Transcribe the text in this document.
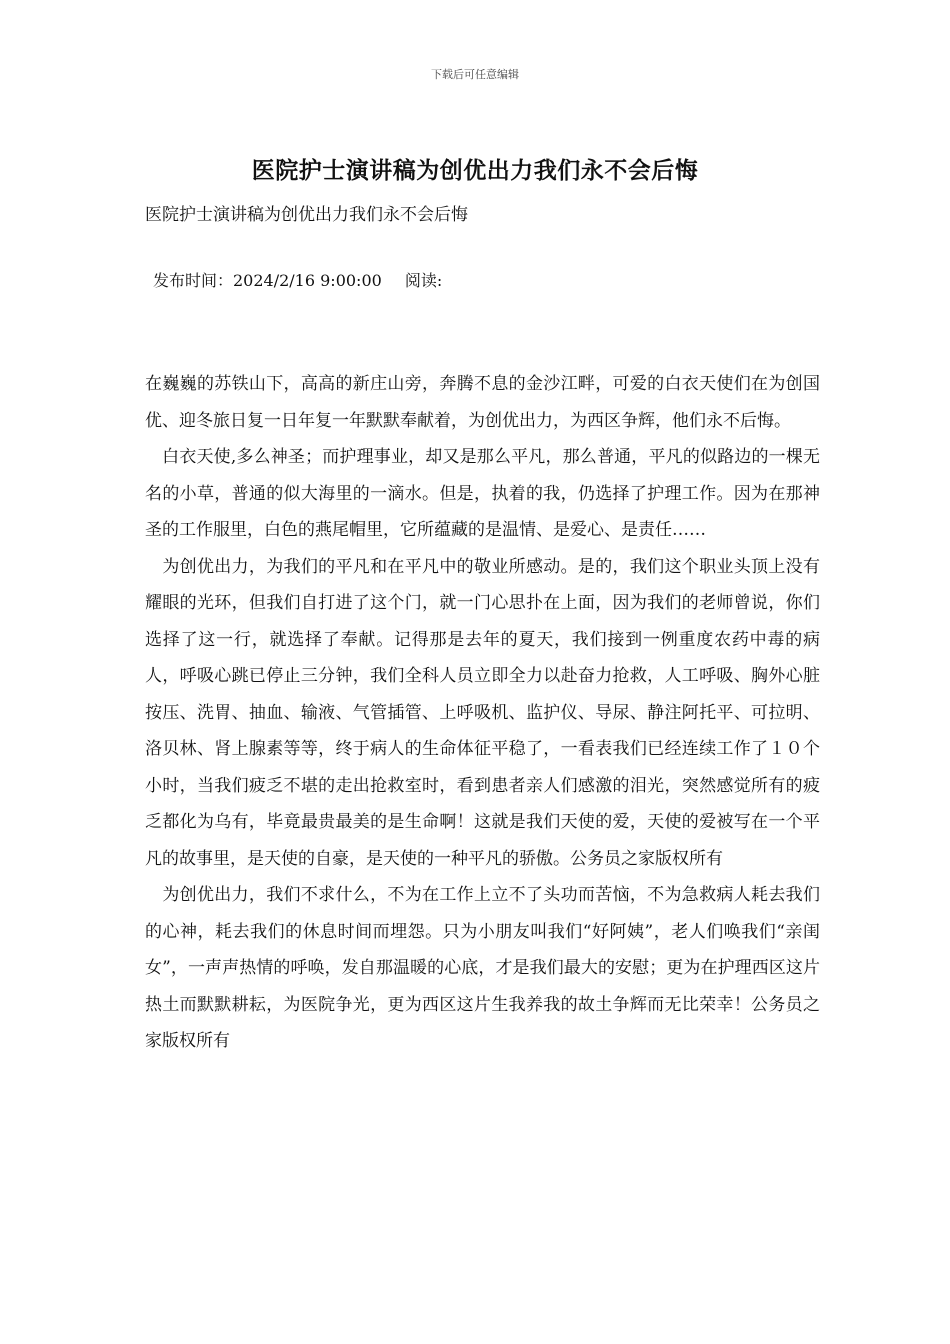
下载后可任意编辑
医院护士演讲稿为创优出力我们永不会后悔
医院护士演讲稿为创优出力我们永不会后悔
发布时间：2024/2/16 9:00:00 阅读:

在巍巍的苏铁山下，高高的新庄山旁，奔腾不息的金沙江畔，可爱的白衣天使们在为创国优、迎冬旅日复一日年复一年默默奉献着，为创优出力，为西区争辉，他们永不后悔。

　白衣天使,多么神圣；而护理事业，却又是那么平凡，那么普通，平凡的似路边的一棵无名的小草，普通的似大海里的一滴水。但是，执着的我，仍选择了护理工作。因为在那神圣的工作服里，白色的燕尾帽里，它所蕴藏的是温情、是爱心、是责任……

　为创优出力，为我们的平凡和在平凡中的敬业所感动。是的，我们这个职业头顶上没有耀眼的光环，但我们自打进了这个门，就一门心思扑在上面，因为我们的老师曾说，你们选择了这一行，就选择了奉献。记得那是去年的夏天，我们接到一例重度农药中毒的病人，呼吸心跳已停止三分钟，我们全科人员立即全力以赴奋力抢救，人工呼吸、胸外心脏按压、洗胃、抽血、输液、气管插管、上呼吸机、监护仪、导尿、静注阿托平、可拉明、洛贝林、肾上腺素等等，终于病人的生命体征平稳了，一看表我们已经连续工作了１０个小时，当我们疲乏不堪的走出抢救室时，看到患者亲人们感激的泪光，突然感觉所有的疲乏都化为乌有，毕竟最贵最美的是生命啊！这就是我们天使的爱，天使的爱被写在一个平凡的故事里，是天使的自豪，是天使的一种平凡的骄傲。公务员之家版权所有

　为创优出力，我们不求什么，不为在工作上立不了头功而苦恼，不为急救病人耗去我们的心神，耗去我们的休息时间而埋怨。只为小朋友叫我们“好阿姨”，老人们唤我们“亲闺女”，一声声热情的呼唤，发自那温暖的心底，才是我们最大的安慰；更为在护理西区这片热土而默默耕耘，为医院争光，更为西区这片生我养我的故土争辉而无比荣幸！公务员之家版权所有
